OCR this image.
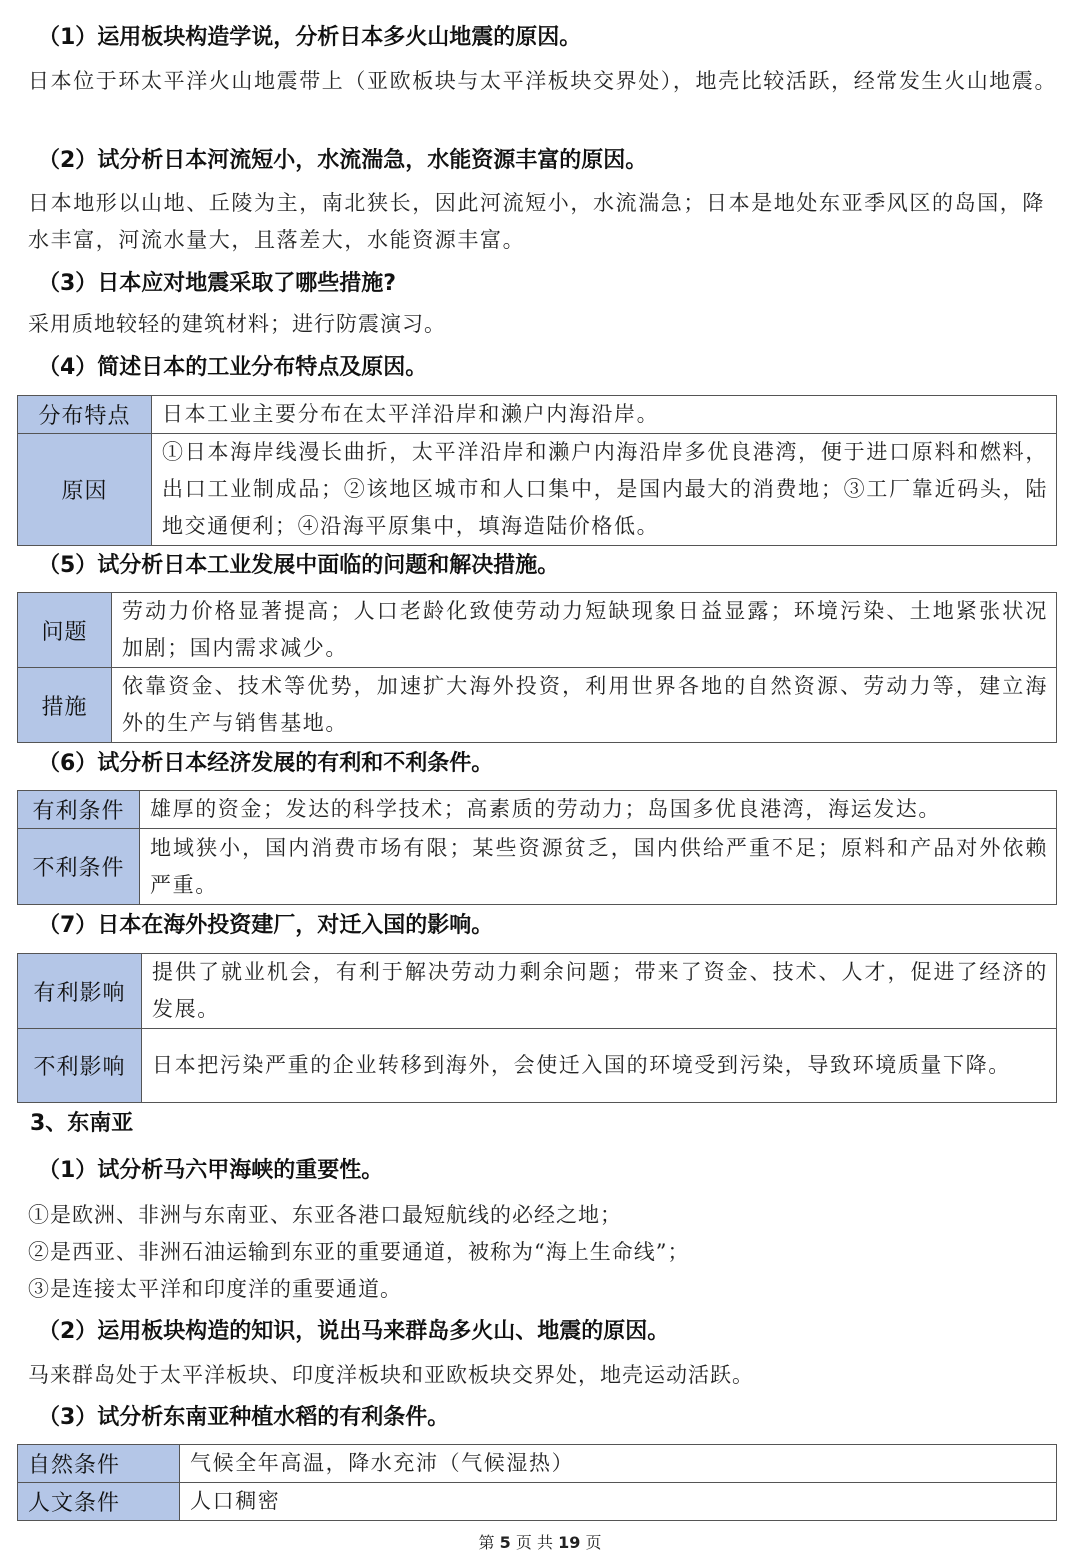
（1）运用板块构造学说，分析日本多火山地震的原因。
日本位于环太平洋火山地震带上（亚欧板块与太平洋板块交界处），地壳比较活跃，经常发生火山地震。
（2）试分析日本河流短小，水流湍急，水能资源丰富的原因。
日本地形以山地、丘陵为主，南北狭长，因此河流短小，水流湍急；日本是地处东亚季风区的岛国，降水丰富，河流水量大，且落差大，水能资源丰富。
（3）日本应对地震采取了哪些措施?
采用质地较轻的建筑材料；进行防震演习。
（4）简述日本的工业分布特点及原因。
分布特点	日本工业主要分布在太平洋沿岸和濑户内海沿岸。
原因	①日本海岸线漫长曲折，太平洋沿岸和濑户内海沿岸多优良港湾，便于进口原料和燃料，出口工业制成品；②该地区城市和人口集中，是国内最大的消费地；③工厂靠近码头，陆地交通便利；④沿海平原集中，填海造陆价格低。
（5）试分析日本工业发展中面临的问题和解决措施。
问题	劳动力价格显著提高；人口老龄化致使劳动力短缺现象日益显露；环境污染、土地紧张状况加剧；国内需求减少。
措施	依靠资金、技术等优势，加速扩大海外投资，利用世界各地的自然资源、劳动力等，建立海外的生产与销售基地。
（6）试分析日本经济发展的有利和不利条件。
有利条件	雄厚的资金；发达的科学技术；高素质的劳动力；岛国多优良港湾，海运发达。
不利条件	地域狭小，国内消费市场有限；某些资源贫乏，国内供给严重不足；原料和产品对外依赖严重。
（7）日本在海外投资建厂，对迁入国的影响。
有利影响	提供了就业机会，有利于解决劳动力剩余问题；带来了资金、技术、人才，促进了经济的发展。
不利影响	日本把污染严重的企业转移到海外，会使迁入国的环境受到污染，导致环境质量下降。
3、东南亚
（1）试分析马六甲海峡的重要性。
①是欧洲、非洲与东南亚、东亚各港口最短航线的必经之地；
②是西亚、非洲石油运输到东亚的重要通道，被称为“海上生命线”；
③是连接太平洋和印度洋的重要通道。
（2）运用板块构造的知识，说出马来群岛多火山、地震的原因。
马来群岛处于太平洋板块、印度洋板块和亚欧板块交界处，地壳运动活跃。
（3）试分析东南亚种植水稻的有利条件。
自然条件	气候全年高温，降水充沛（气候湿热）
人文条件	人口稠密
第 5 页 共 19 页
